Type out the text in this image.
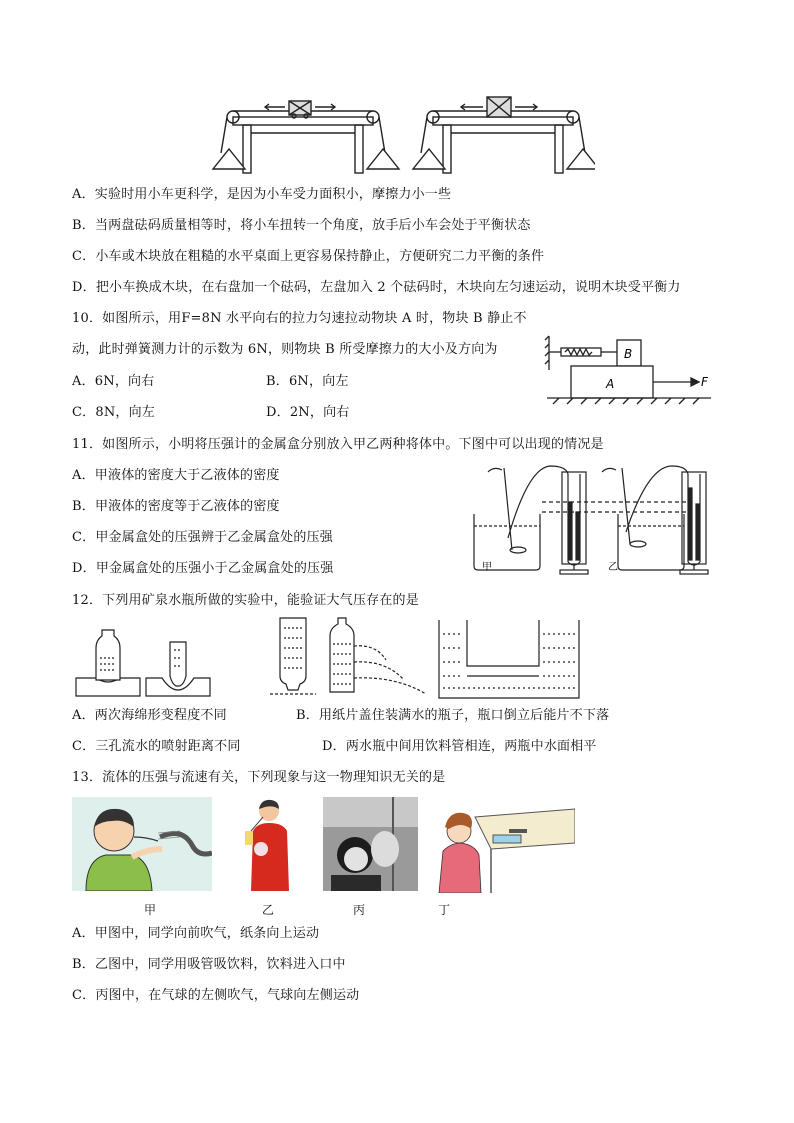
A．实验时用小车更科学，是因为小车受力面积小，摩擦力小一些
B．当两盘砝码质量相等时，将小车扭转一个角度，放手后小车会处于平衡状态
C．小车或木块放在粗糙的水平桌面上更容易保持静止，方便研究二力平衡的条件
D．把小车换成木块，在右盘加一个砝码，左盘加入 2 个砝码时，木块向左匀速运动，说明木块受平衡力
10．如图所示，用F=8N 水平向右的拉力匀速拉动物块 A 时，物块 B 静止不
动，此时弹簧测力计的示数为 6N，则物块 B 所受摩擦力的大小及方向为
A．6N，向右	B．6N，向左
C．8N，向左	D．2N，向右
B
A	F
11．如图所示，小明将压强计的金属盒分别放入甲乙两种将体中。下图中可以出现的情况是
A．甲液体的密度大于乙液体的密度
B．甲液体的密度等于乙液体的密度
C．甲金属盒处的压强辨于乙金属盒处的压强
D．甲金属盒处的压强小于乙金属盒处的压强	甲	乙
12．下列用矿泉水瓶所做的实验中，能验证大气压存在的是
A．两次海绵形变程度不同	B．用纸片盖住装满水的瓶子，瓶口倒立后能片不下落
C．三孔流水的喷射距离不同	D．两水瓶中间用饮料管相连，两瓶中水面相平
13．流体的压强与流速有关，下列现象与这一物理知识无关的是
甲	乙	丙	丁
A．甲图中，同学向前吹气，纸条向上运动
B．乙图中，同学用吸管吸饮料，饮料进入口中
C．丙图中，在气球的左侧吹气，气球向左侧运动
